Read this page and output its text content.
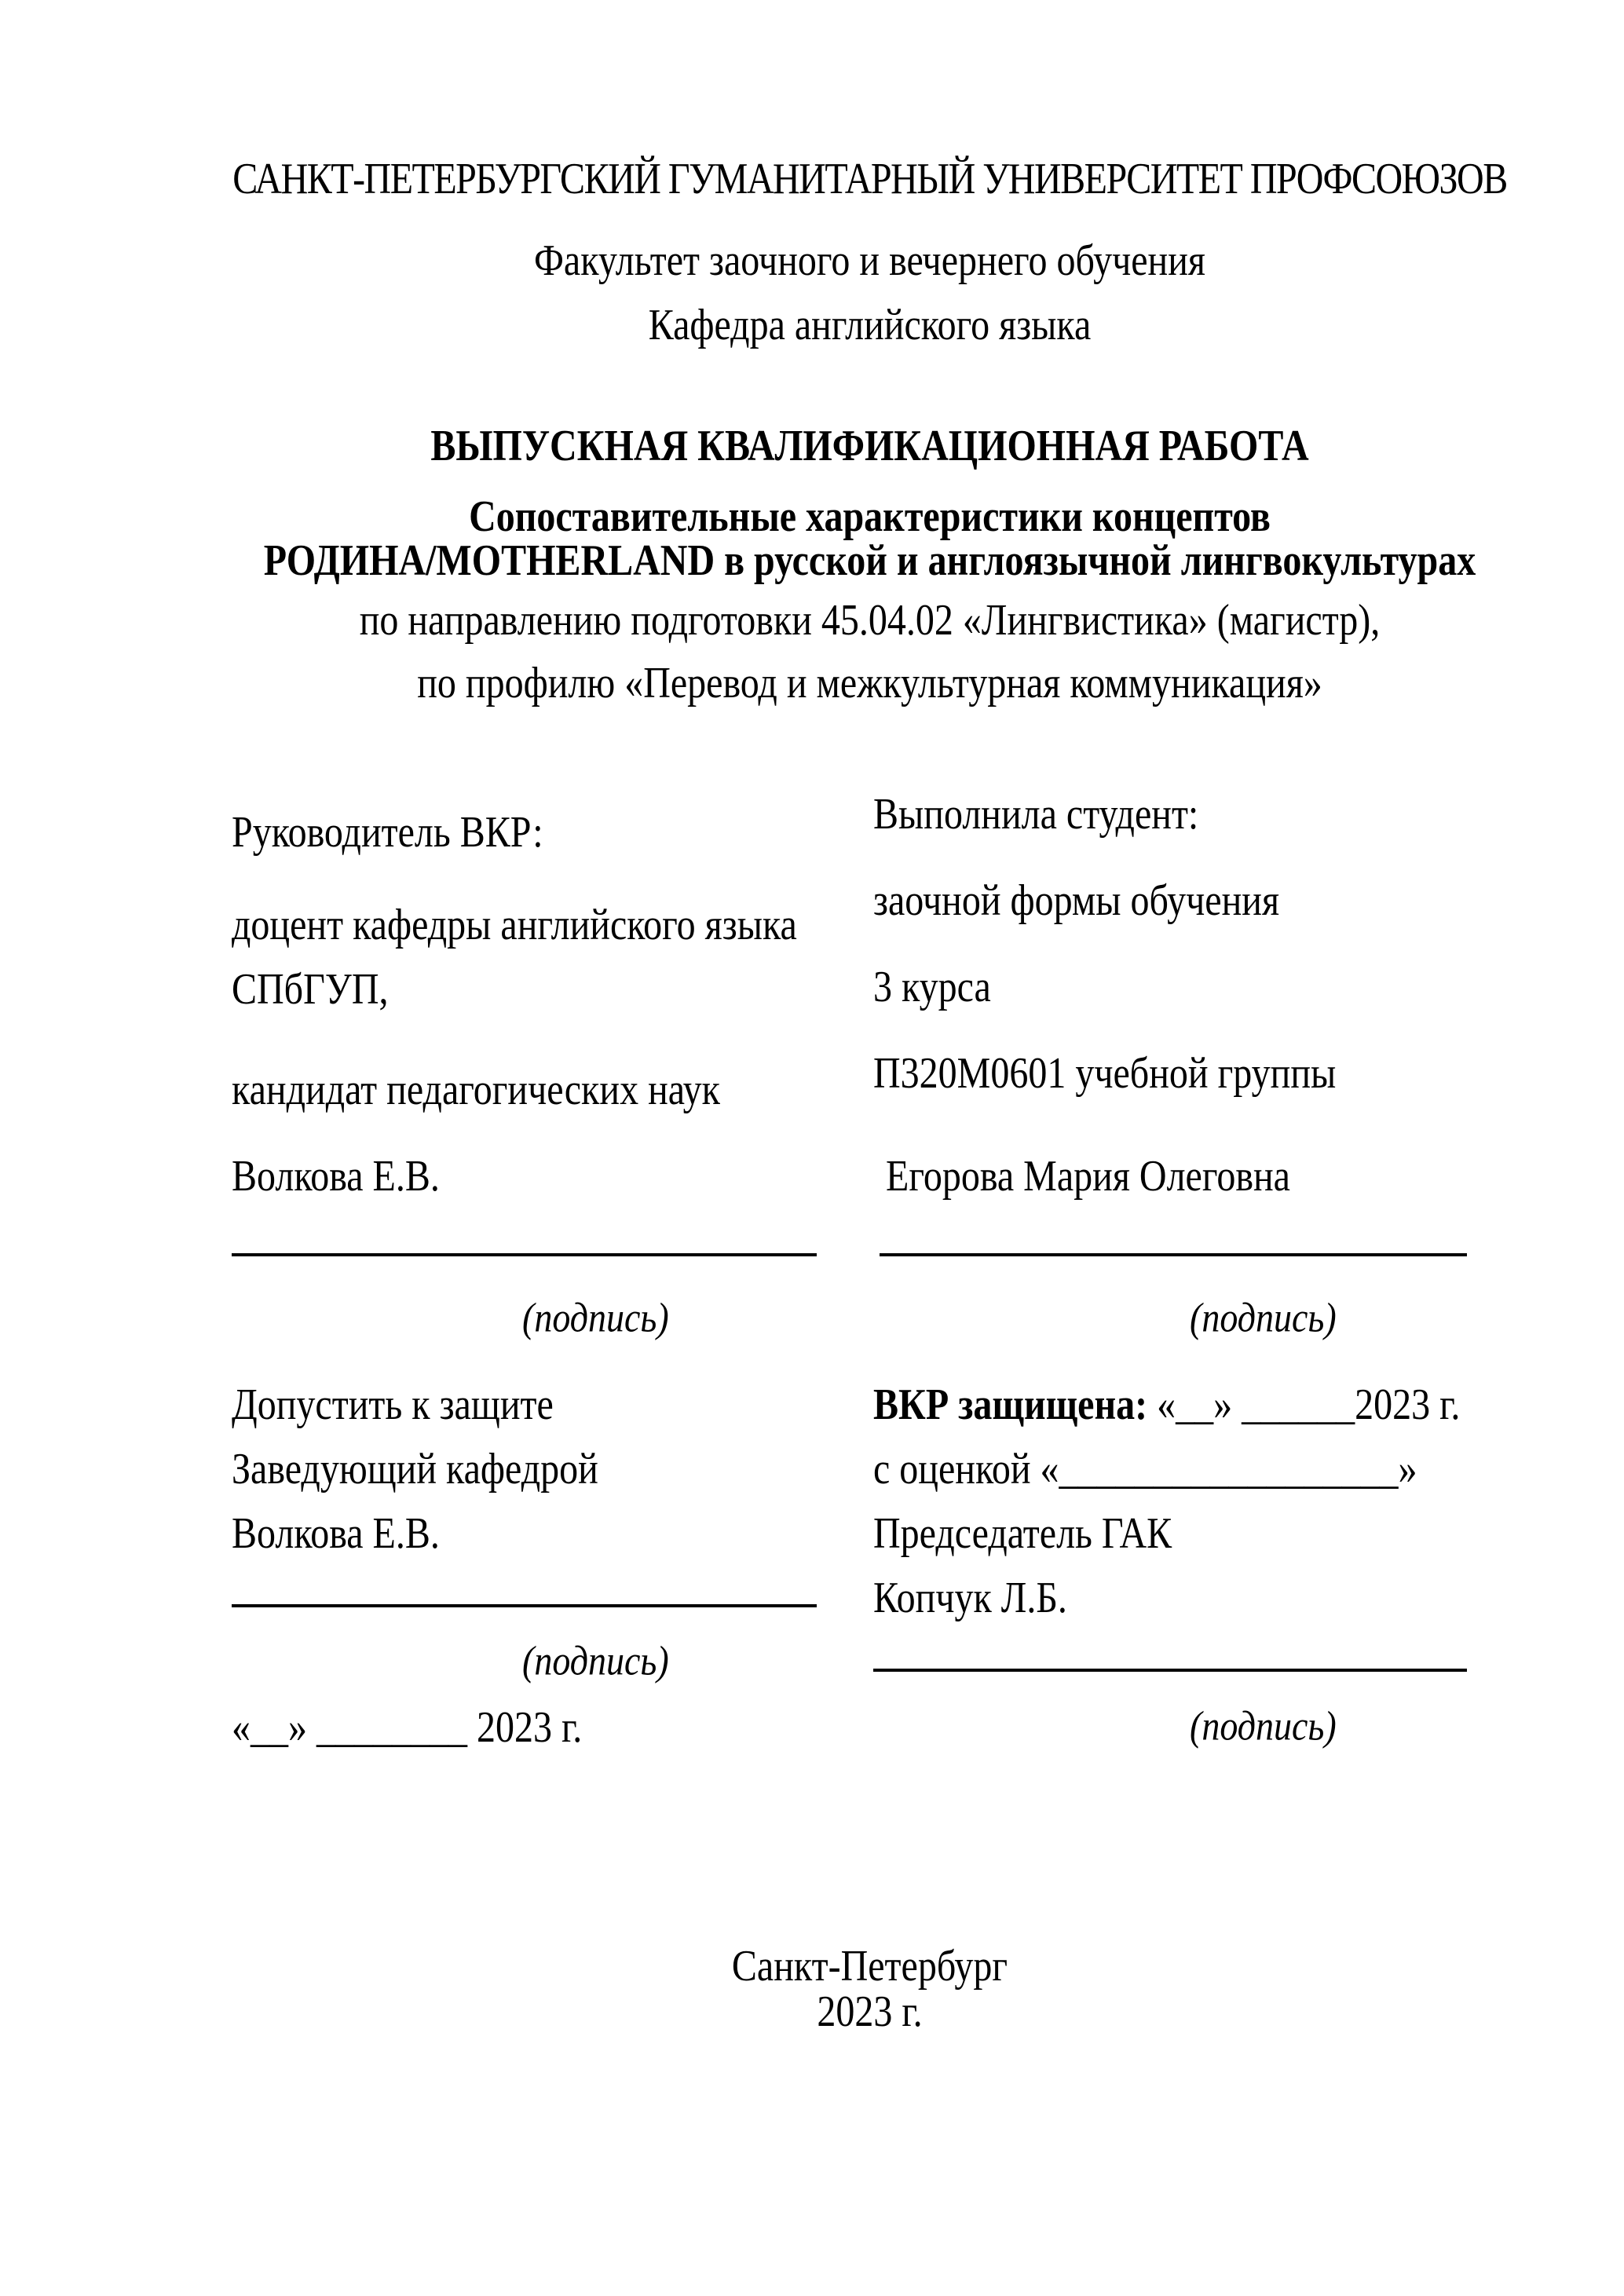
САНКТ-ПЕТЕРБУРГСКИЙ ГУМАНИТАРНЫЙ УНИВЕРСИТЕТ ПРОФСОЮЗОВ
Факультет заочного и вечернего обучения
Кафедра английского языка
ВЫПУСКНАЯ КВАЛИФИКАЦИОННАЯ РАБОТА
Сопоставительные характеристики концептов
РОДИНА/MOTHERLAND в русской и англоязычной лингвокультурах
по направлению подготовки 45.04.02 «Лингвистика» (магистр),
по профилю «Перевод и межкультурная коммуникация»
Руководитель ВКР:
доцент кафедры английского языка
СПбГУП,
кандидат педагогических наук
Волкова Е.В.
(подпись)
Выполнила студент:
заочной формы обучения
3 курса
П320М0601 учебной группы
Егорова Мария Олеговна
(подпись)
Допустить к защите
Заведующий кафедрой
Волкова Е.В.
(подпись)
«__» ________ 2023 г.
ВКР защищена: «__» ______2023 г.
с оценкой «__________________»
Председатель ГАК
Копчук Л.Б.
(подпись)
Санкт-Петербург
2023 г.
